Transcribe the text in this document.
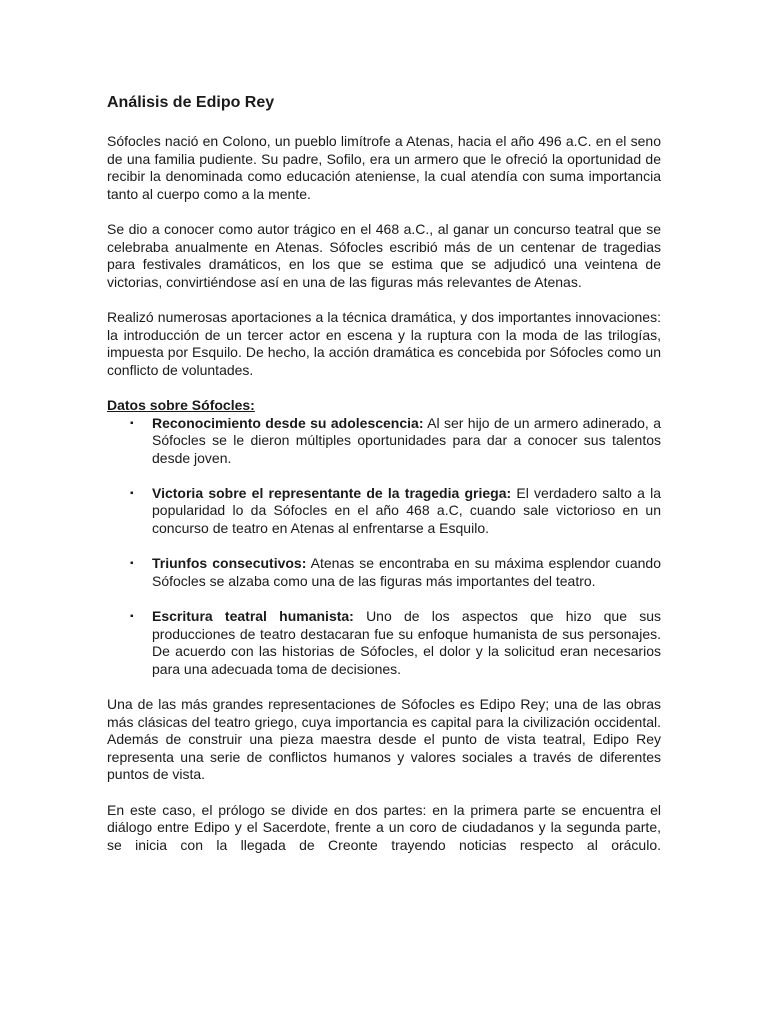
Análisis de Edipo Rey

Sófocles nació en Colono, un pueblo limítrofe a Atenas, hacia el año 496 a.C. en el seno de una familia pudiente. Su padre, Sofilo, era un armero que le ofreció la oportunidad de recibir la denominada como educación ateniense, la cual atendía con suma importancia tanto al cuerpo como a la mente.

Se dio a conocer como autor trágico en el 468 a.C., al ganar un concurso teatral que se celebraba anualmente en Atenas. Sófocles escribió más de un centenar de tragedias para festivales dramáticos, en los que se estima que se adjudicó una veintena de victorias, convirtiéndose así en una de las figuras más relevantes de Atenas.

Realizó numerosas aportaciones a la técnica dramática, y dos importantes innovaciones: la introducción de un tercer actor en escena y la ruptura con la moda de las trilogías, impuesta por Esquilo. De hecho, la acción dramática es concebida por Sófocles como un conflicto de voluntades.

Datos sobre Sófocles:
▪ Reconocimiento desde su adolescencia: Al ser hijo de un armero adinerado, a Sófocles se le dieron múltiples oportunidades para dar a conocer sus talentos desde joven.
▪ Victoria sobre el representante de la tragedia griega: El verdadero salto a la popularidad lo da Sófocles en el año 468 a.C, cuando sale victorioso en un concurso de teatro en Atenas al enfrentarse a Esquilo.
▪ Triunfos consecutivos: Atenas se encontraba en su máxima esplendor cuando Sófocles se alzaba como una de las figuras más importantes del teatro.
▪ Escritura teatral humanista: Uno de los aspectos que hizo que sus producciones de teatro destacaran fue su enfoque humanista de sus personajes. De acuerdo con las historias de Sófocles, el dolor y la solicitud eran necesarios para una adecuada toma de decisiones.

Una de las más grandes representaciones de Sófocles es Edipo Rey; una de las obras más clásicas del teatro griego, cuya importancia es capital para la civilización occidental. Además de construir una pieza maestra desde el punto de vista teatral, Edipo Rey representa una serie de conflictos humanos y valores sociales a través de diferentes puntos de vista.

En este caso, el prólogo se divide en dos partes: en la primera parte se encuentra el diálogo entre Edipo y el Sacerdote, frente a un coro de ciudadanos y la segunda parte, se inicia con la llegada de Creonte trayendo noticias respecto al oráculo.
